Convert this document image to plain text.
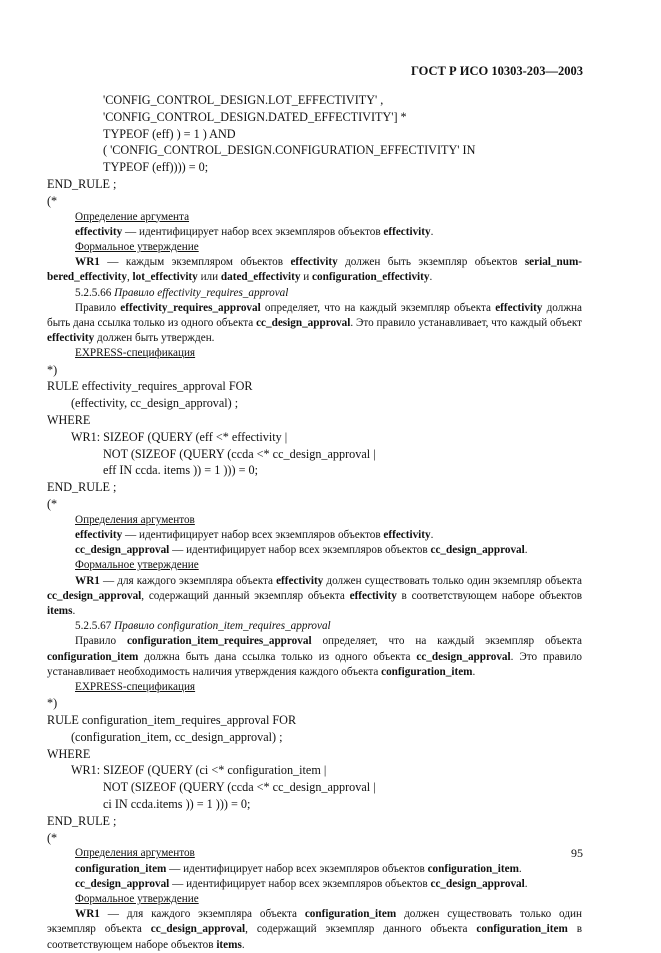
ГОСТ Р ИСО 10303-203—2003
'CONFIG_CONTROL_DESIGN.LOT_EFFECTIVITY' ,
'CONFIG_CONTROL_DESIGN.DATED_EFFECTIVITY'] *
TYPEOF (eff) ) = 1 ) AND
( 'CONFIG_CONTROL_DESIGN.CONFIGURATION_EFFECTIVITY' IN
TYPEOF (eff)))) = 0;
END_RULE ;
(*
Определение аргумента
effectivity — идентифицирует набор всех экземпляров объектов effectivity.
Формальное утверждение
WR1 — каждым экземпляром объектов effectivity должен быть экземпляр объектов serial_num-bered_effectivity, lot_effectivity или dated_effectivity и configuration_effectivity.
5.2.5.66 Правило effectivity_requires_approval
Правило effectivity_requires_approval определяет, что на каждый экземпляр объекта effectivity должна быть дана ссылка только из одного объекта cc_design_approval. Это правило устанавливает, что каждый объект effectivity должен быть утвержден.
EXPRESS-спецификация
*)
RULE effectivity_requires_approval FOR
(effectivity, cc_design_approval) ;
WHERE
WR1: SIZEOF (QUERY (eff <* effectivity |
NOT (SIZEOF (QUERY (ccda <* cc_design_approval |
eff IN ccda. items )) = 1 ))) = 0;
END_RULE ;
(*
Определения аргументов
effectivity — идентифицирует набор всех экземпляров объектов effectivity.
cc_design_approval — идентифицирует набор всех экземпляров объектов cc_design_approval.
Формальное утверждение
WR1 — для каждого экземпляра объекта effectivity должен существовать только один экземпляр объекта cc_design_approval, содержащий данный экземпляр объекта effectivity в соответствующем наборе объектов items.
5.2.5.67 Правило configuration_item_requires_approval
Правило configuration_item_requires_approval определяет, что на каждый экземпляр объекта configuration_item должна быть дана ссылка только из одного объекта cc_design_approval. Это правило устанавливает необходимость наличия утверждения каждого объекта configuration_item.
EXPRESS-спецификация
*)
RULE configuration_item_requires_approval FOR
(configuration_item, cc_design_approval) ;
WHERE
WR1: SIZEOF (QUERY (ci <* configuration_item |
NOT (SIZEOF (QUERY (ccda <* cc_design_approval |
ci IN ccda.items )) = 1 ))) = 0;
END_RULE ;
(*
Определения аргументов
configuration_item — идентифицирует набор всех экземпляров объектов configuration_item.
cc_design_approval — идентифицирует набор всех экземпляров объектов cc_design_approval.
Формальное утверждение
WR1 — для каждого экземпляра объекта configuration_item должен существовать только один экземпляр объекта cc_design_approval, содержащий экземпляр данного объекта configuration_item в соответствующем наборе объектов items.
95
